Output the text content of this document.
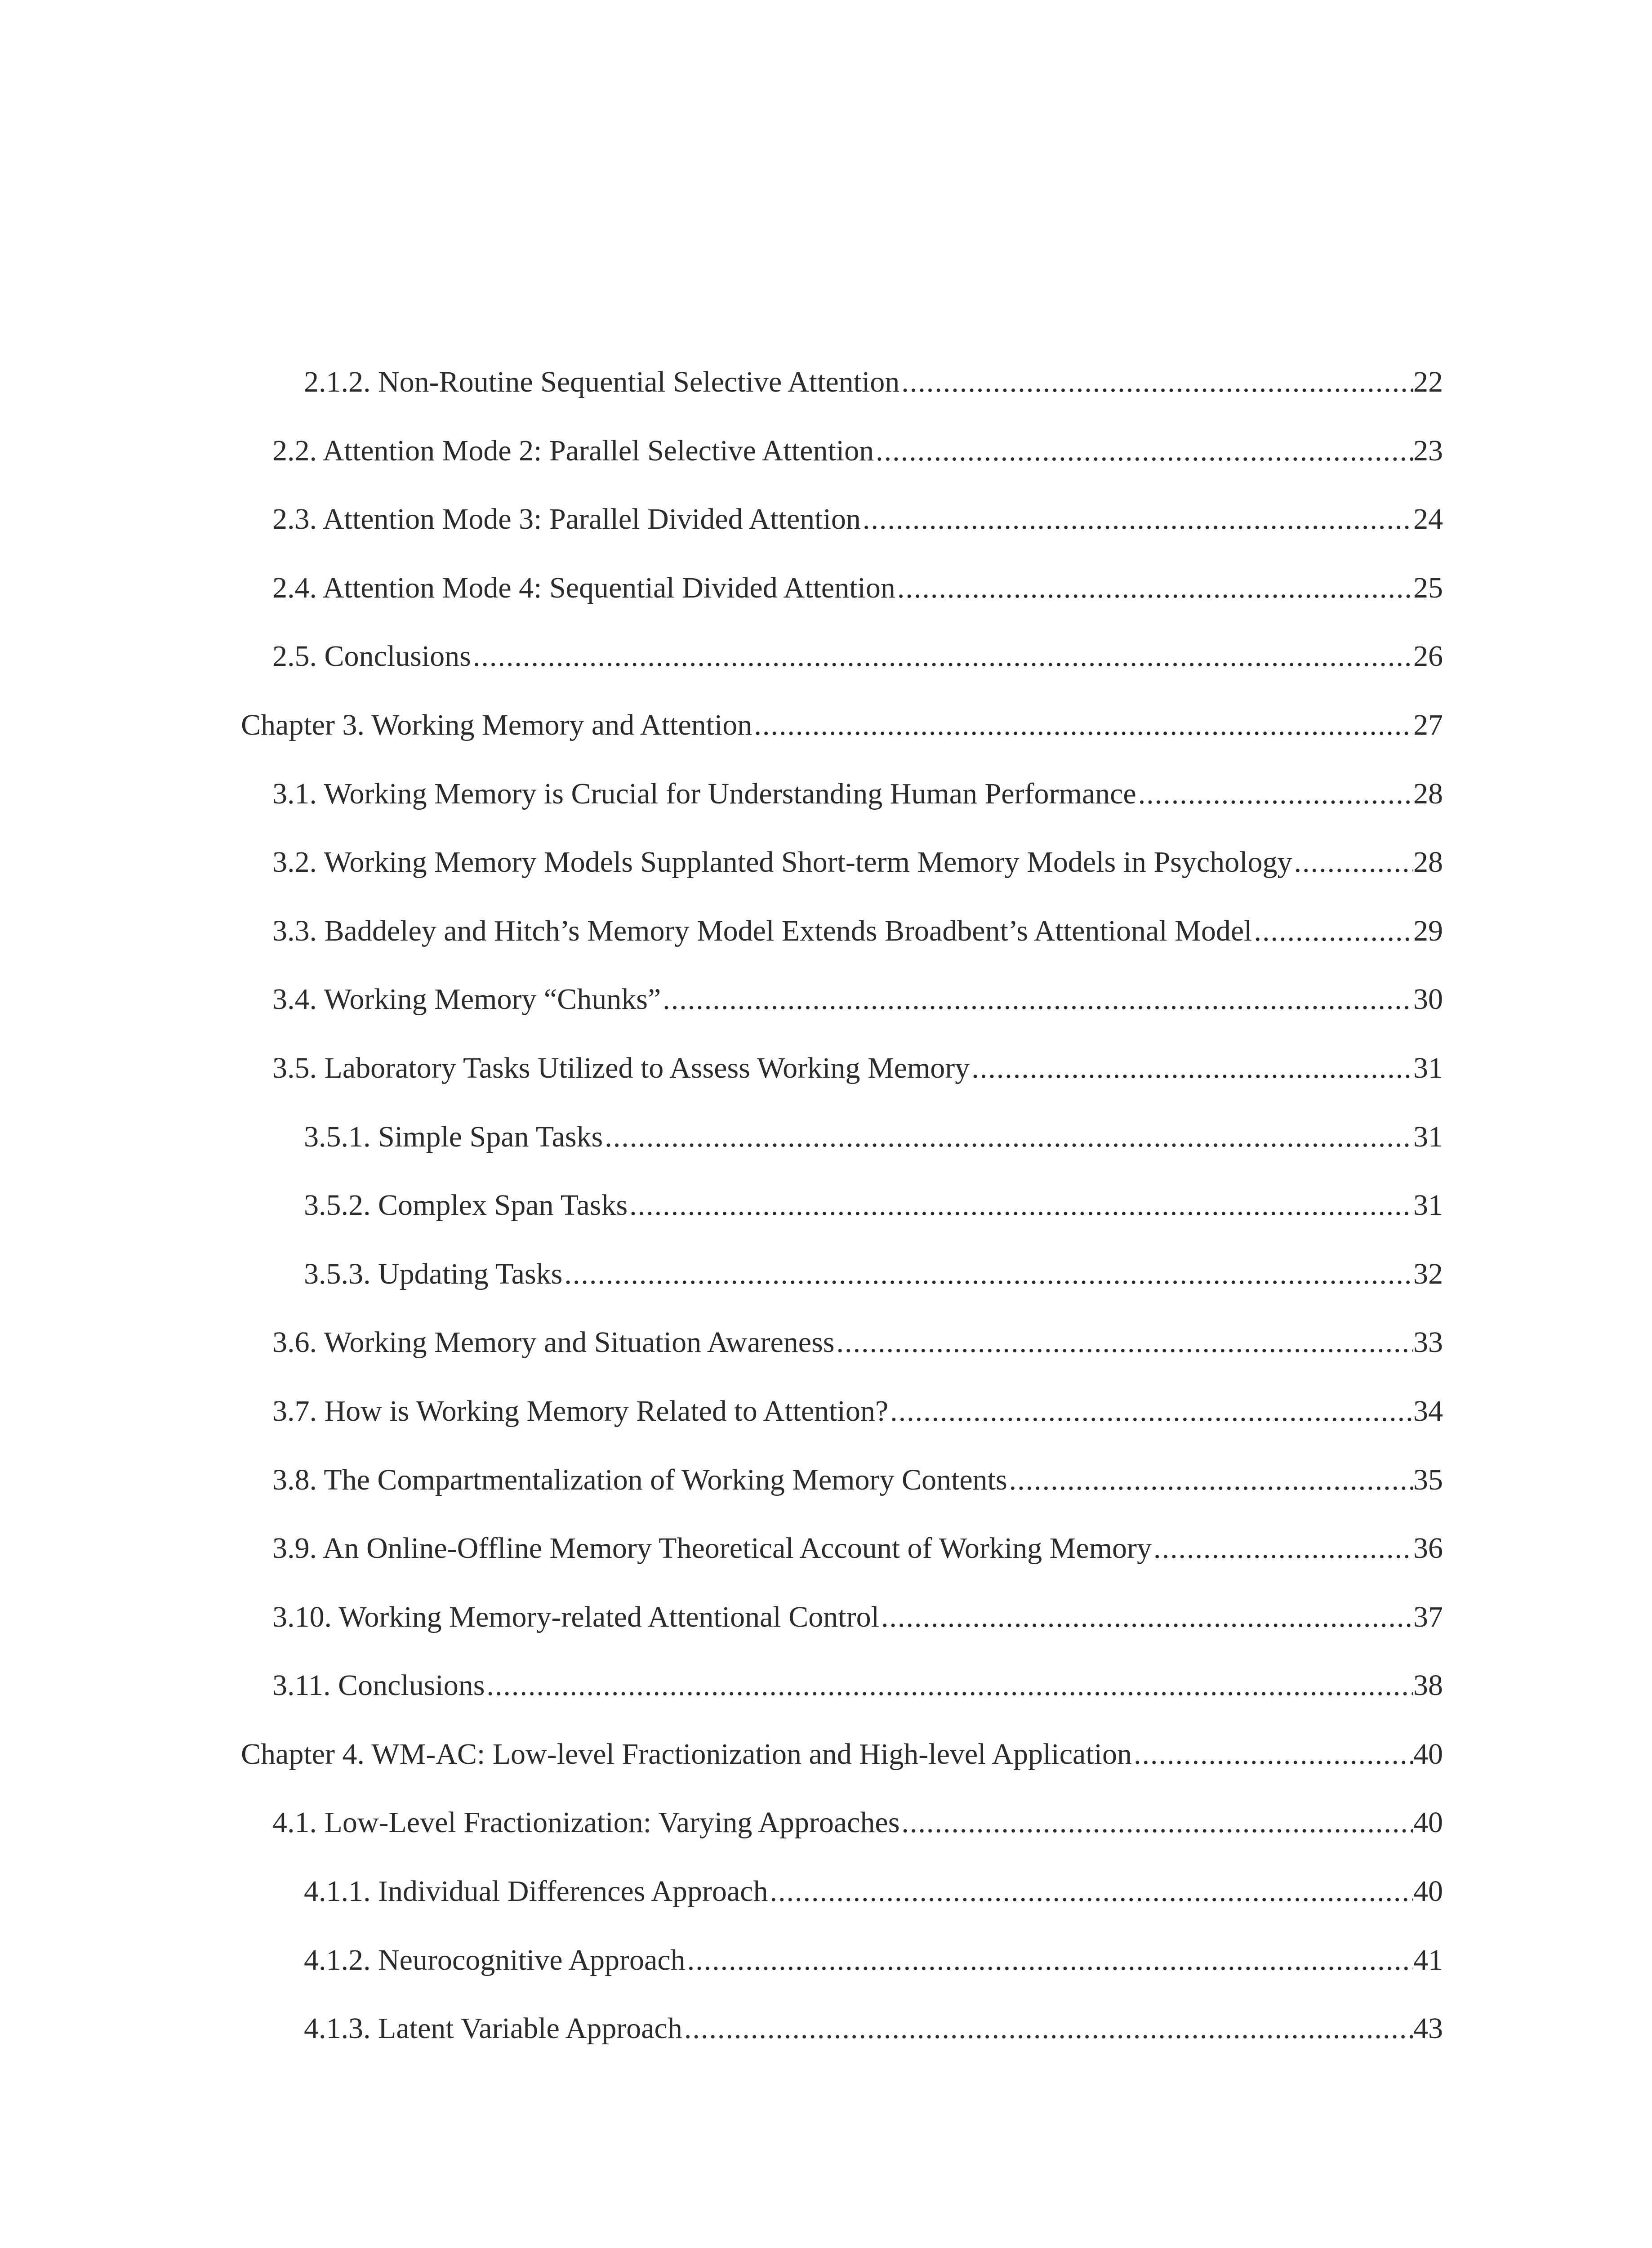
2.1.2. Non-Routine Sequential Selective Attention .....	22
2.2. Attention Mode 2: Parallel Selective Attention .....	23
2.3. Attention Mode 3: Parallel Divided Attention .....	24
2.4. Attention Mode 4: Sequential Divided Attention .....	25
2.5. Conclusions .....	26
Chapter 3. Working Memory and Attention .....	27
3.1. Working Memory is Crucial for Understanding Human Performance .....	28
3.2. Working Memory Models Supplanted Short-term Memory Models in Psychology .....	28
3.3. Baddeley and Hitch’s Memory Model Extends Broadbent’s Attentional Model .....	29
3.4. Working Memory “Chunks” .....	30
3.5. Laboratory Tasks Utilized to Assess Working Memory .....	31
3.5.1. Simple Span Tasks .....	31
3.5.2. Complex Span Tasks .....	31
3.5.3. Updating Tasks .....	32
3.6. Working Memory and Situation Awareness .....	33
3.7. How is Working Memory Related to Attention? .....	34
3.8. The Compartmentalization of Working Memory Contents .....	35
3.9. An Online-Offline Memory Theoretical Account of Working Memory .....	36
3.10. Working Memory-related Attentional Control .....	37
3.11. Conclusions .....	38
Chapter 4. WM-AC: Low-level Fractionization and High-level Application .....	40
4.1. Low-Level Fractionization: Varying Approaches .....	40
4.1.1. Individual Differences Approach .....	40
4.1.2. Neurocognitive Approach .....	41
4.1.3. Latent Variable Approach .....	43
